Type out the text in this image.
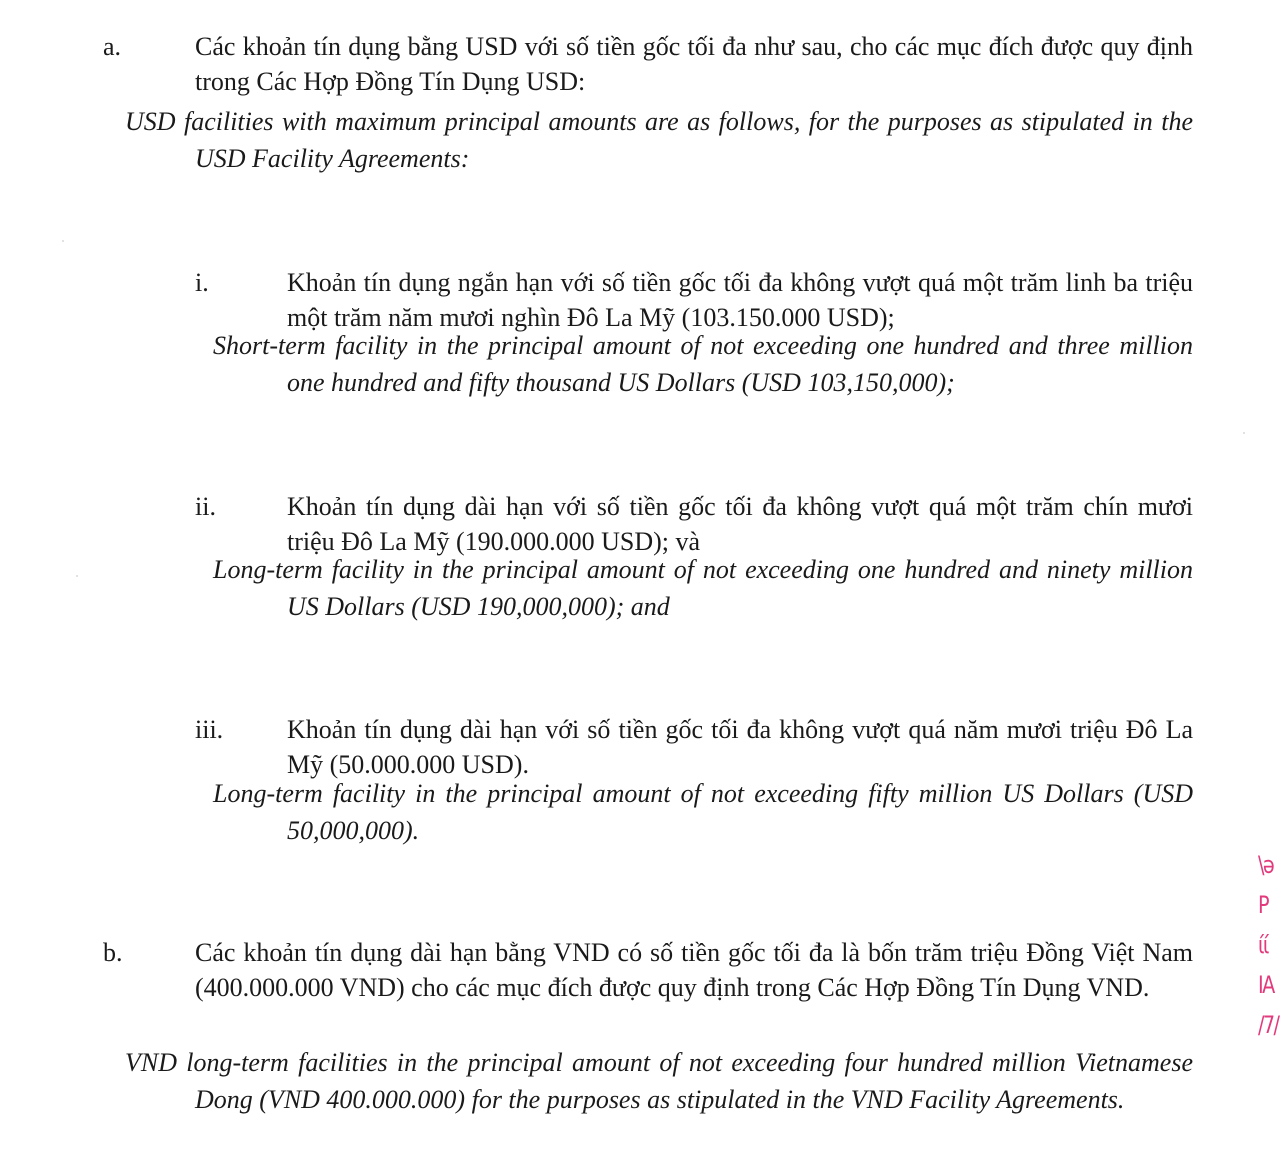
a.	Các khoản tín dụng bằng USD với số tiền gốc tối đa như sau, cho các mục đích được quy định trong Các Hợp Đồng Tín Dụng USD:

USD facilities with maximum principal amounts are as follows, for the purposes as stipulated in the USD Facility Agreements:

i.	Khoản tín dụng ngắn hạn với số tiền gốc tối đa không vượt quá một trăm linh ba triệu một trăm năm mươi nghìn Đô La Mỹ (103.150.000 USD);

Short-term facility in the principal amount of not exceeding one hundred and three million one hundred and fifty thousand US Dollars (USD 103,150,000);

ii.	Khoản tín dụng dài hạn với số tiền gốc tối đa không vượt quá một trăm chín mươi triệu Đô La Mỹ (190.000.000 USD); và

Long-term facility in the principal amount of not exceeding one hundred and ninety million US Dollars (USD 190,000,000); and

iii. Khoản tín dụng dài hạn với số tiền gốc tối đa không vượt quá năm mươi triệu Đô La Mỹ (50.000.000 USD).

Long-term facility in the principal amount of not exceeding fifty million US Dollars (USD 50,000,000).

b.	Các khoản tín dụng dài hạn bằng VND có số tiền gốc tối đa là bốn trăm triệu Đồng Việt Nam (400.000.000 VND) cho các mục đích được quy định trong Các Hợp Đồng Tín Dụng VND.

VND long-term facilities in the principal amount of not exceeding four hundred million Vietnamese Dong (VND 400.000.000) for the purposes as stipulated in the VND Facility Agreements.

\ə
P
ίί
IA
/7/
